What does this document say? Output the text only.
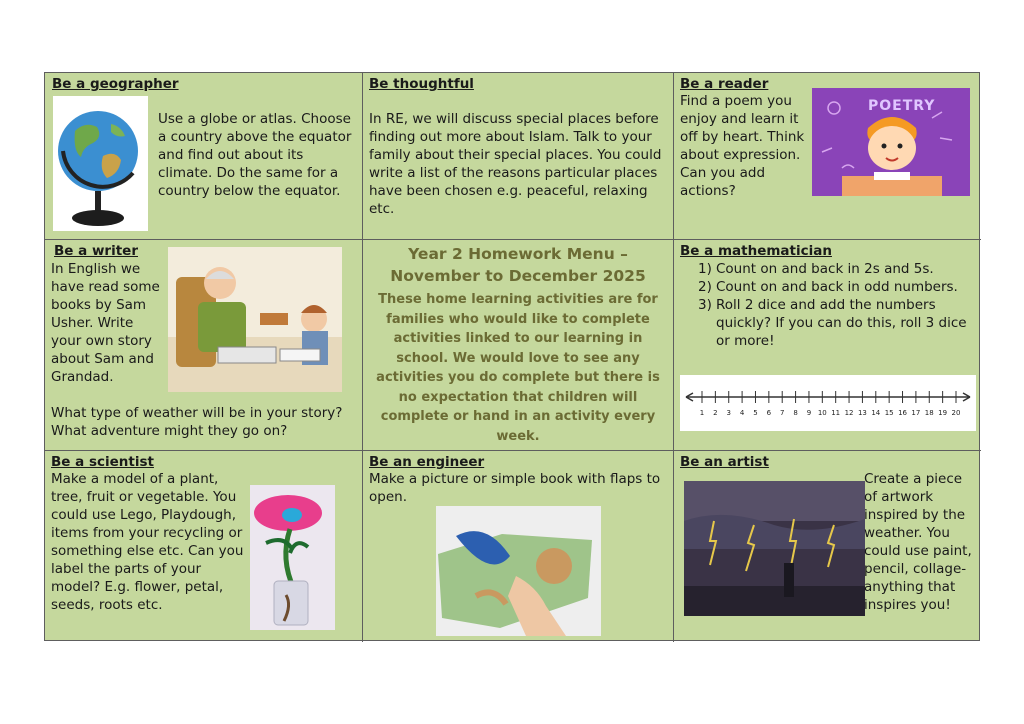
Be a geographer
Use a globe or atlas. Choose a country above the equator and find out about its climate. Do the same for a country below the equator.
Be thoughtful
In RE, we will discuss special places before finding out more about Islam. Talk to your family about their special places. You could write a list of the reasons particular places have been chosen e.g. peaceful, relaxing etc.
Be a reader
Find a poem you enjoy and learn it off by heart. Think about expression. Can you add actions?
POETRY
Be a writer
In English we have read some books by Sam Usher. Write your own story about Sam and Grandad.
What type of weather will be in your story? What adventure might they go on?
Year 2 Homework Menu – November to December 2025
These home learning activities are for families who would like to complete activities linked to our learning in school. We would love to see any activities you do complete but there is no expectation that children will complete or hand in an activity every week.
Be a mathematician
1) Count on and back in 2s and 5s.
2) Count on and back in odd numbers.
3) Roll 2 dice and add the numbers quickly? If you can do this, roll 3 dice or more!
1 2 3 4 5 6 7 8 9 10 11 12 13 14 15 16 17 18 19 20
Be a scientist
Make a model of a plant, tree, fruit or vegetable. You could use Lego, Playdough, items from your recycling or something else etc. Can you label the parts of your model? E.g. flower, petal, seeds, roots etc.
Be an engineer
Make a picture or simple book with flaps to open.
Be an artist
Create a piece of artwork inspired by the weather. You could use paint, pencil, collage- anything that inspires you!
